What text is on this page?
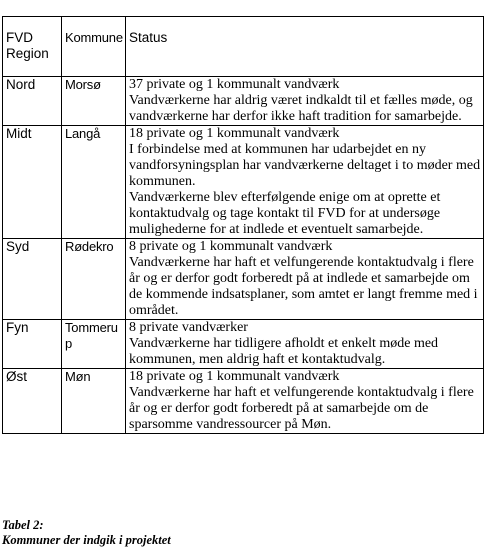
FVD Region	Kommune	Status
Nord	Morsø	37 private og 1 kommunalt vandværk
Vandværkerne har aldrig været indkaldt til et fælles møde, og vandværkerne har derfor ikke haft tradition for samarbejde.

Midt	Langå	18 private og 1 kommunalt vandværk
I forbindelse med at kommunen har udarbejdet en ny vandforsyningsplan har vandværkerne deltaget i to møder med kommunen.
Vandværkerne blev efterfølgende enige om at oprette et kontaktudvalg og tage kontakt til FVD for at undersøge mulighederne for at indlede et eventuelt samarbejde.

Syd	Rødekro	8 private og 1 kommunalt vandværk
Vandværkerne har haft et velfungerende kontaktudvalg i flere år og er derfor godt forberedt på at indlede et samarbejde om de kommende indsatsplaner, som amtet er langt fremme med i området.

Fyn	Tommerup	8 private vandværker
Vandværkerne har tidligere afholdt et enkelt møde med kommunen, men aldrig haft et kontaktudvalg.

Øst	Møn	18 private og 1 kommunalt vandværk
Vandværkerne har haft et velfungerende kontaktudvalg i flere år og er derfor godt forberedt på at samarbejde om de sparsomme vandressourcer på Møn.
Tabel 2:
Kommuner der indgik i projektet
